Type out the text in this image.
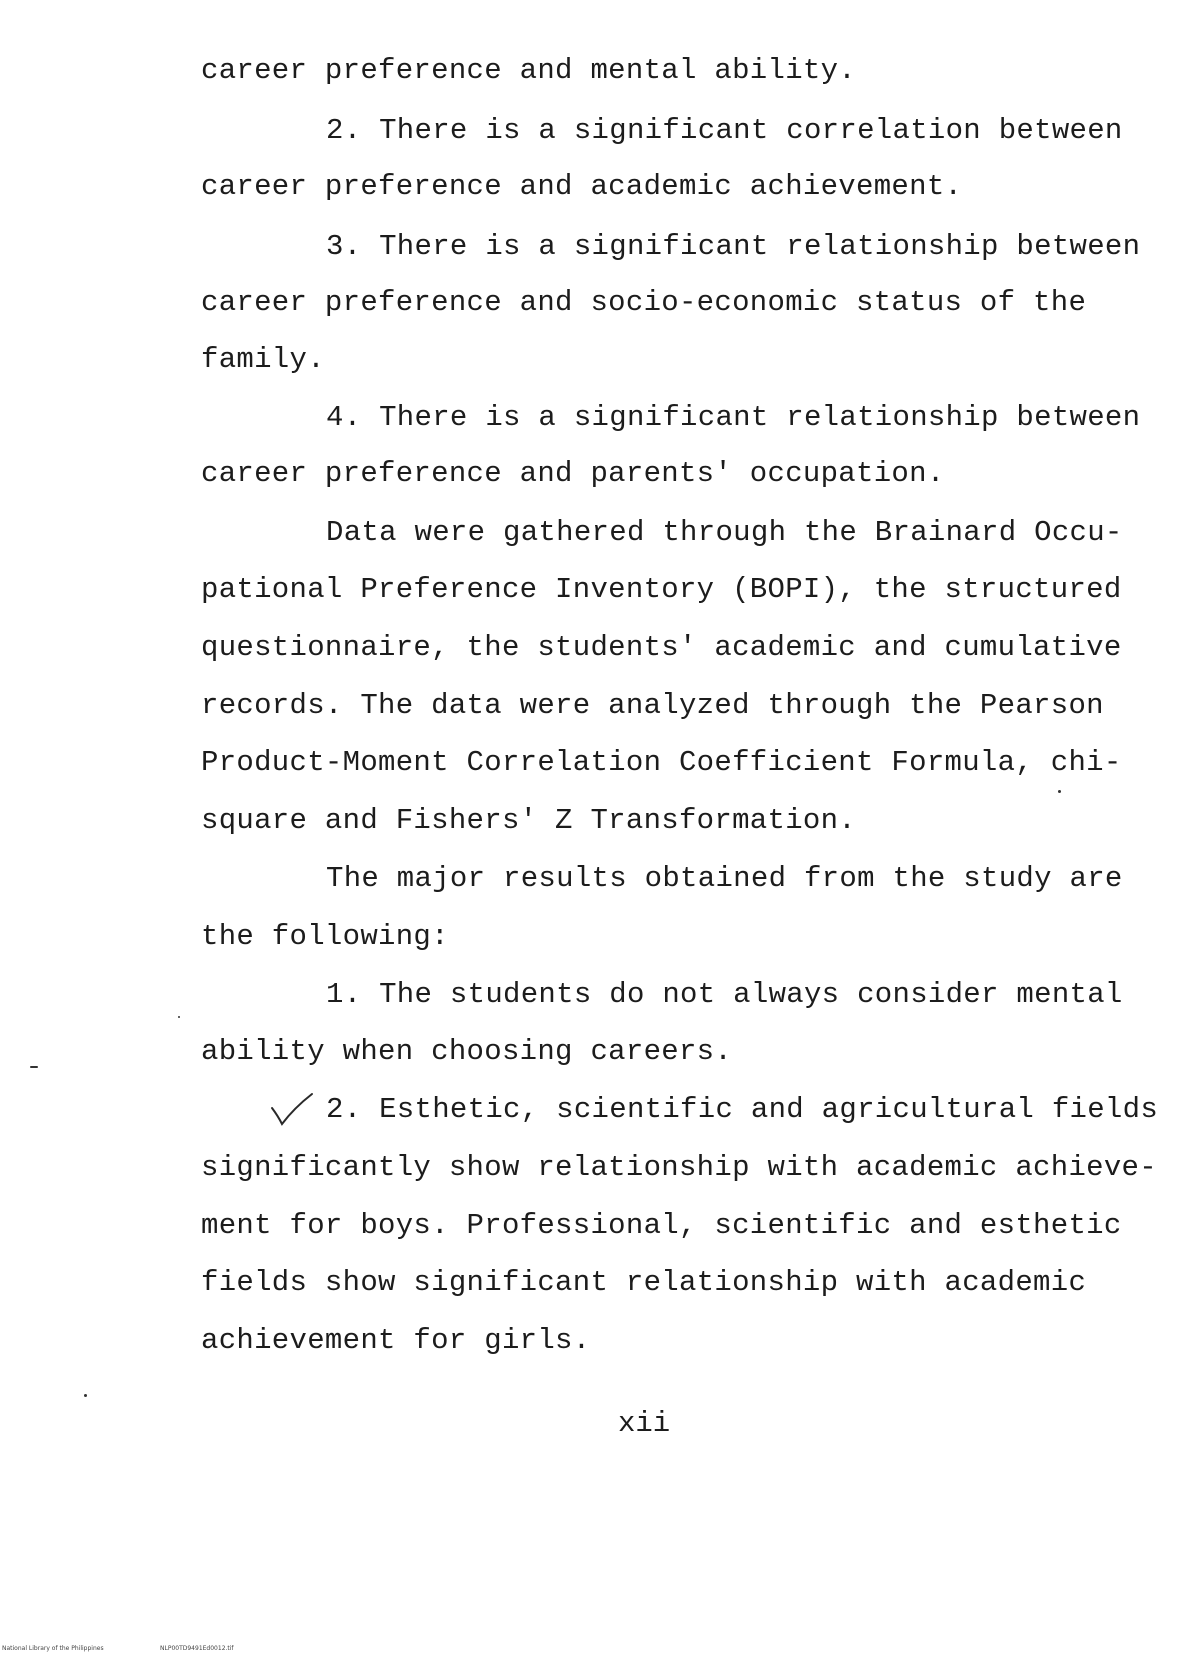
career preference and mental ability.
2. There is a significant correlation between
career preference and academic achievement.
3. There is a significant relationship between
career preference and socio-economic status of the
family.
4. There is a significant relationship between
career preference and parents' occupation.
Data were gathered through the Brainard Occu-
pational Preference Inventory (BOPI), the structured
questionnaire, the students' academic and cumulative
records. The data were analyzed through the Pearson
Product-Moment Correlation Coefficient Formula, chi-
square and Fishers' Z Transformation.
The major results obtained from the study are
the following:
1. The students do not always consider mental
ability when choosing careers.
2. Esthetic, scientific and agricultural fields
significantly show relationship with academic achieve-
ment for boys. Professional, scientific and esthetic
fields show significant relationship with academic
achievement for girls.
xii
National Library of the Philippines	NLP00TD9491Ed0012.tif
